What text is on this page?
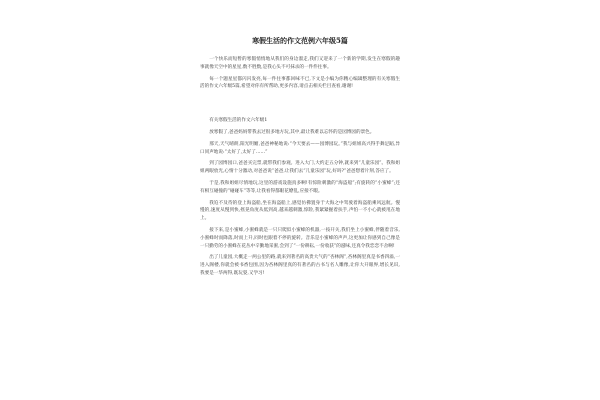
寒假生活的作文范例六年级5篇

一个快乐而短暂的寒假悄悄地从我们的身边溜走,我们又迎来了一个新的学期,发生在寒假的趣事就像天空中的星星,数不胜数,是我心头不可抹杀的一件件往事。

每一个题星星都闪闪发亮,每一件往事都回味不已,下文是小编为你精心编辑整理的有关寒假生活的作文六年级5篇,希望对你有所帮助,更多内容,请点击相关栏目查看,谢谢!

有关寒假生活的作文六年级1

放寒假了,爸爸妈妈带我去过很多地方玩,其中,最让我难以忘怀的是园博园的景色。

那天,天气晴朗,阳光明媚,爸爸神秘地说:“今天要去——园博园玩。”我与姐姐高兴得手舞足蹈,异口同声地说:“太好了,太好了……”

到了园博园口,爸爸买完票,就带我们参观。进入大门,大约走五分钟,就来到“儿童乐园”。我和姐姐两眼放光,心情十分激动,对爸爸说“爸爸,让我们去“儿童乐园”玩,好吗?”爸爸想着片刻,答应了。

于是,我和姐姐尽情地玩,这里的游戏设施真多啊!有惊险刺激的“海盗船”;有旋转的“小蜜蜂”;还有相互碰撞的“碰碰车”等等,让我看得都眼花缭乱,应接不暇。

我迫不及待的登上海盗船,坐在海盗船上,感觉仿佛置身于大海之中驾驶着海盗船乘风远航。慢慢的,速度从慢到快,摇晃角度从低到高,越来越刺激,惊险,我紧紧握着扶手,声怕一不小心就被甩在地上。

接下来,是小蜜蜂,小蜜蜂就是一只只爬似小蜜蜂的机器,一按开关,我们坐上小蜜蜂,伴随着音乐,小蜜蜂时而降落,时而上升,同时也跟着不停的旋转。音乐是小蜜蜂的声声,这更加让你感到自己像是一只勤劳的小蜜蜂在花丛中辛勤地采蜜,会到了“一份耕耘,一份收获”的滋味,还真令我恋恋不舍啊!

出了儿童园,大概走一两公里的路,就来到著名的高贵大气的“杏林阁”,杏林阁里真是书香四溢,一进入阁楼,你就会被书香包围,因为杏林阁里真的有著名的古书与名人雕像,让你大开眼界,增长见识,我要是一华两得,既玩耍,又学习!
